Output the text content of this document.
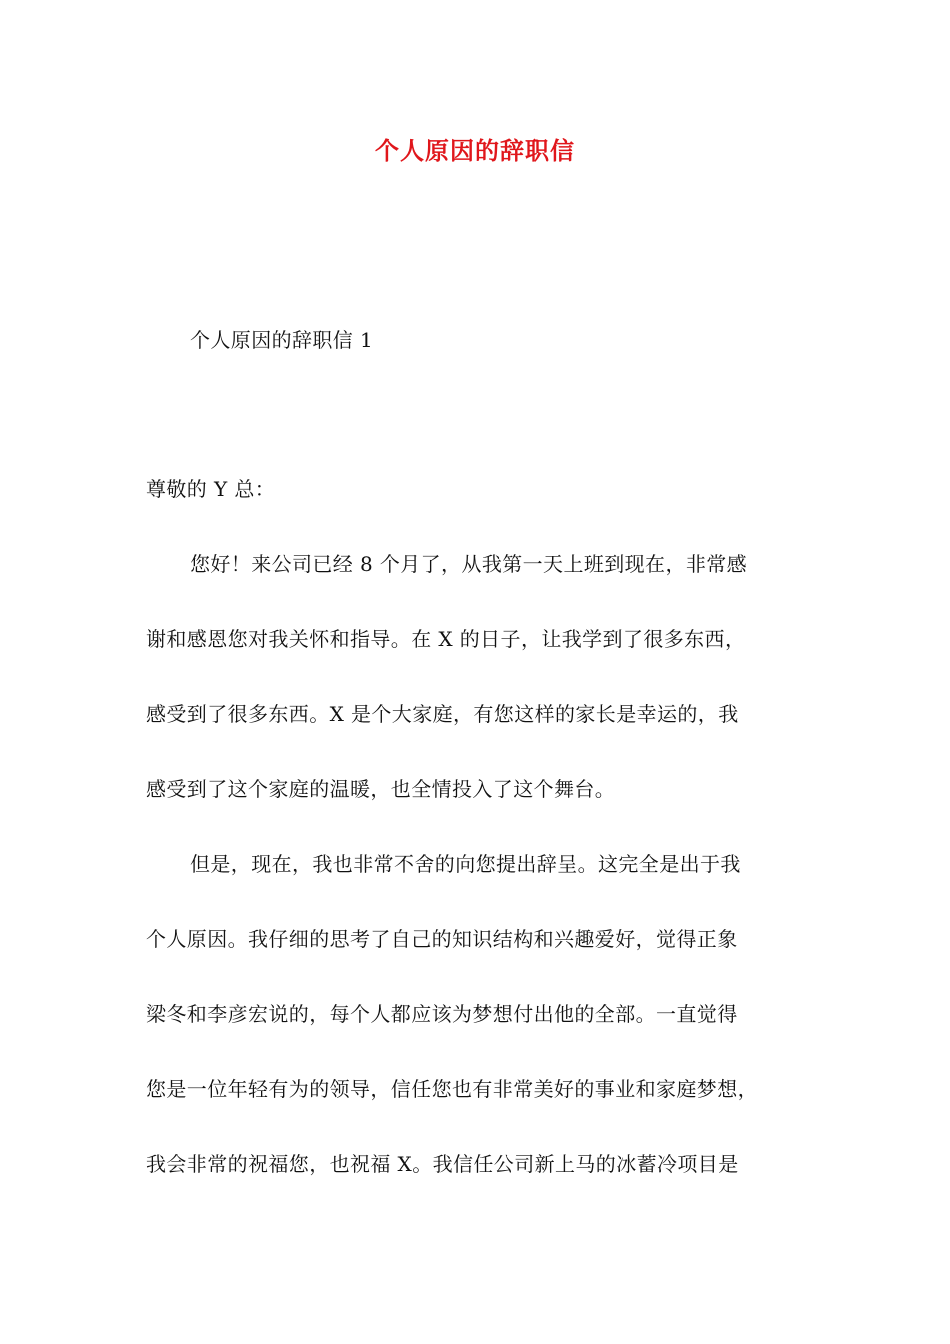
个人原因的辞职信
个人原因的辞职信 1
尊敬的 Y 总：
您好！来公司已经 8 个月了，从我第一天上班到现在，非常感
谢和感恩您对我关怀和指导。在 X 的日子，让我学到了很多东西，
感受到了很多东西。X 是个大家庭，有您这样的家长是幸运的，我
感受到了这个家庭的温暖，也全情投入了这个舞台。
但是，现在，我也非常不舍的向您提出辞呈。这完全是出于我
个人原因。我仔细的思考了自己的知识结构和兴趣爱好，觉得正象
梁冬和李彦宏说的，每个人都应该为梦想付出他的全部。一直觉得
您是一位年轻有为的领导，信任您也有非常美好的事业和家庭梦想，
我会非常的祝福您，也祝福 X。我信任公司新上马的冰蓄冷项目是
